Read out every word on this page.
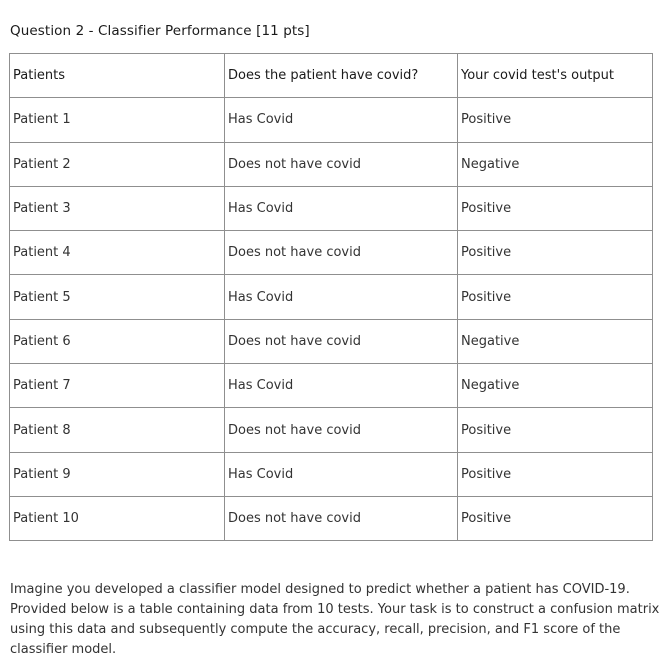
Question 2 - Classifier Performance [11 pts]
Patients	Does the patient have covid?	Your covid test's output
Patient 1	Has Covid	Positive
Patient 2	Does not have covid	Negative
Patient 3	Has Covid	Positive
Patient 4	Does not have covid	Positive
Patient 5	Has Covid	Positive
Patient 6	Does not have covid	Negative
Patient 7	Has Covid	Negative
Patient 8	Does not have covid	Positive
Patient 9	Has Covid	Positive
Patient 10	Does not have covid	Positive
Imagine you developed a classifier model designed to predict whether a patient has COVID-19. Provided below is a table containing data from 10 tests. Your task is to construct a confusion matrix using this data and subsequently compute the accuracy, recall, precision, and F1 score of the classifier model.
